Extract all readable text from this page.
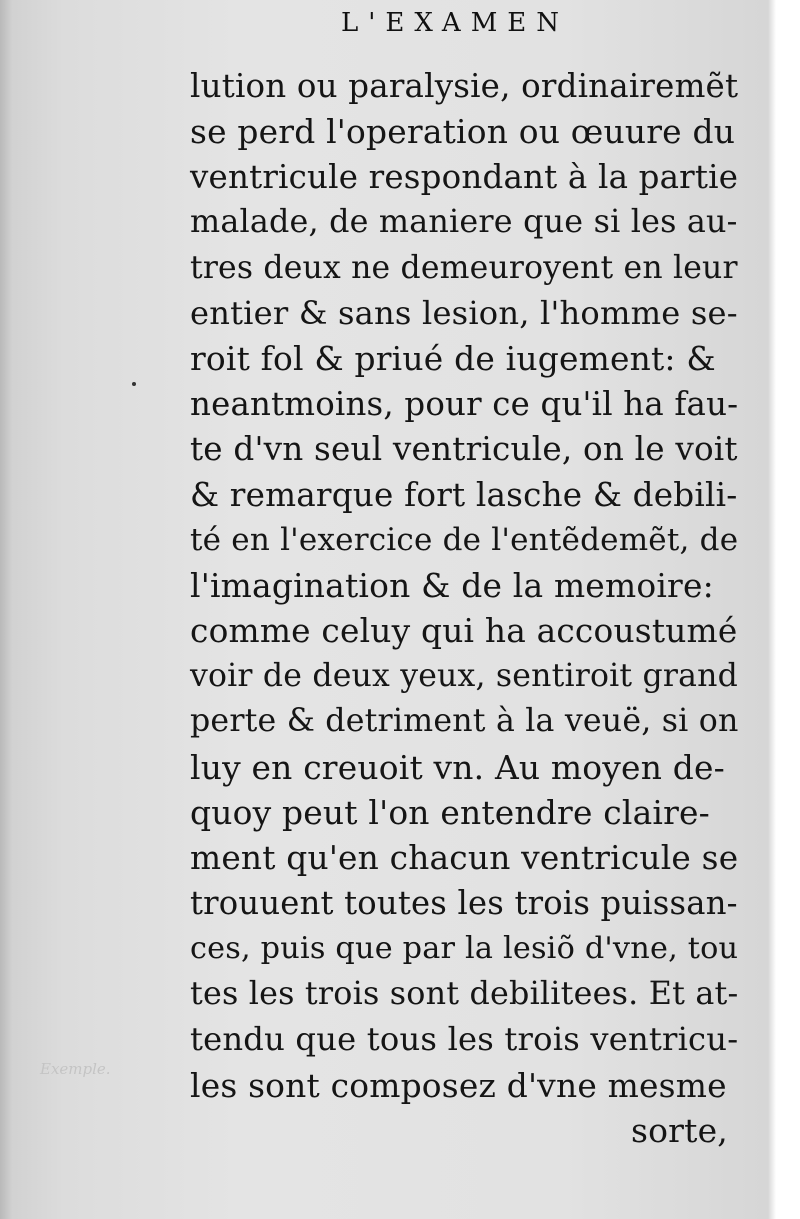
L'EXAMEN
lution ou paralysie, ordinairemẽt
se perd l'operation ou œuure du
ventricule respondant à la partie
malade, de maniere que si les au-
tres deux ne demeuroyent en leur
entier & sans lesion, l'homme se-
roit fol & priué de iugement: &
neantmoins, pour ce qu'il ha fau-
te d'vn seul ventricule, on le voit
& remarque fort lasche & debili-
té en l'exercice de l'entẽdemẽt, de
l'imagination & de la memoire:
comme celuy qui ha accoustumé
voir de deux yeux, sentiroit grand
perte & detriment à la veuë, si on
luy en creuoit vn. Au moyen de-
quoy peut l'on entendre claire-
ment qu'en chacun ventricule se
trouuent toutes les trois puissan-
ces, puis que par la lesiõ d'vne, tou
tes les trois sont debilitees. Et at-
tendu que tous les trois ventricu-
les sont composez d'vne mesme
sorte,
Exemple.
